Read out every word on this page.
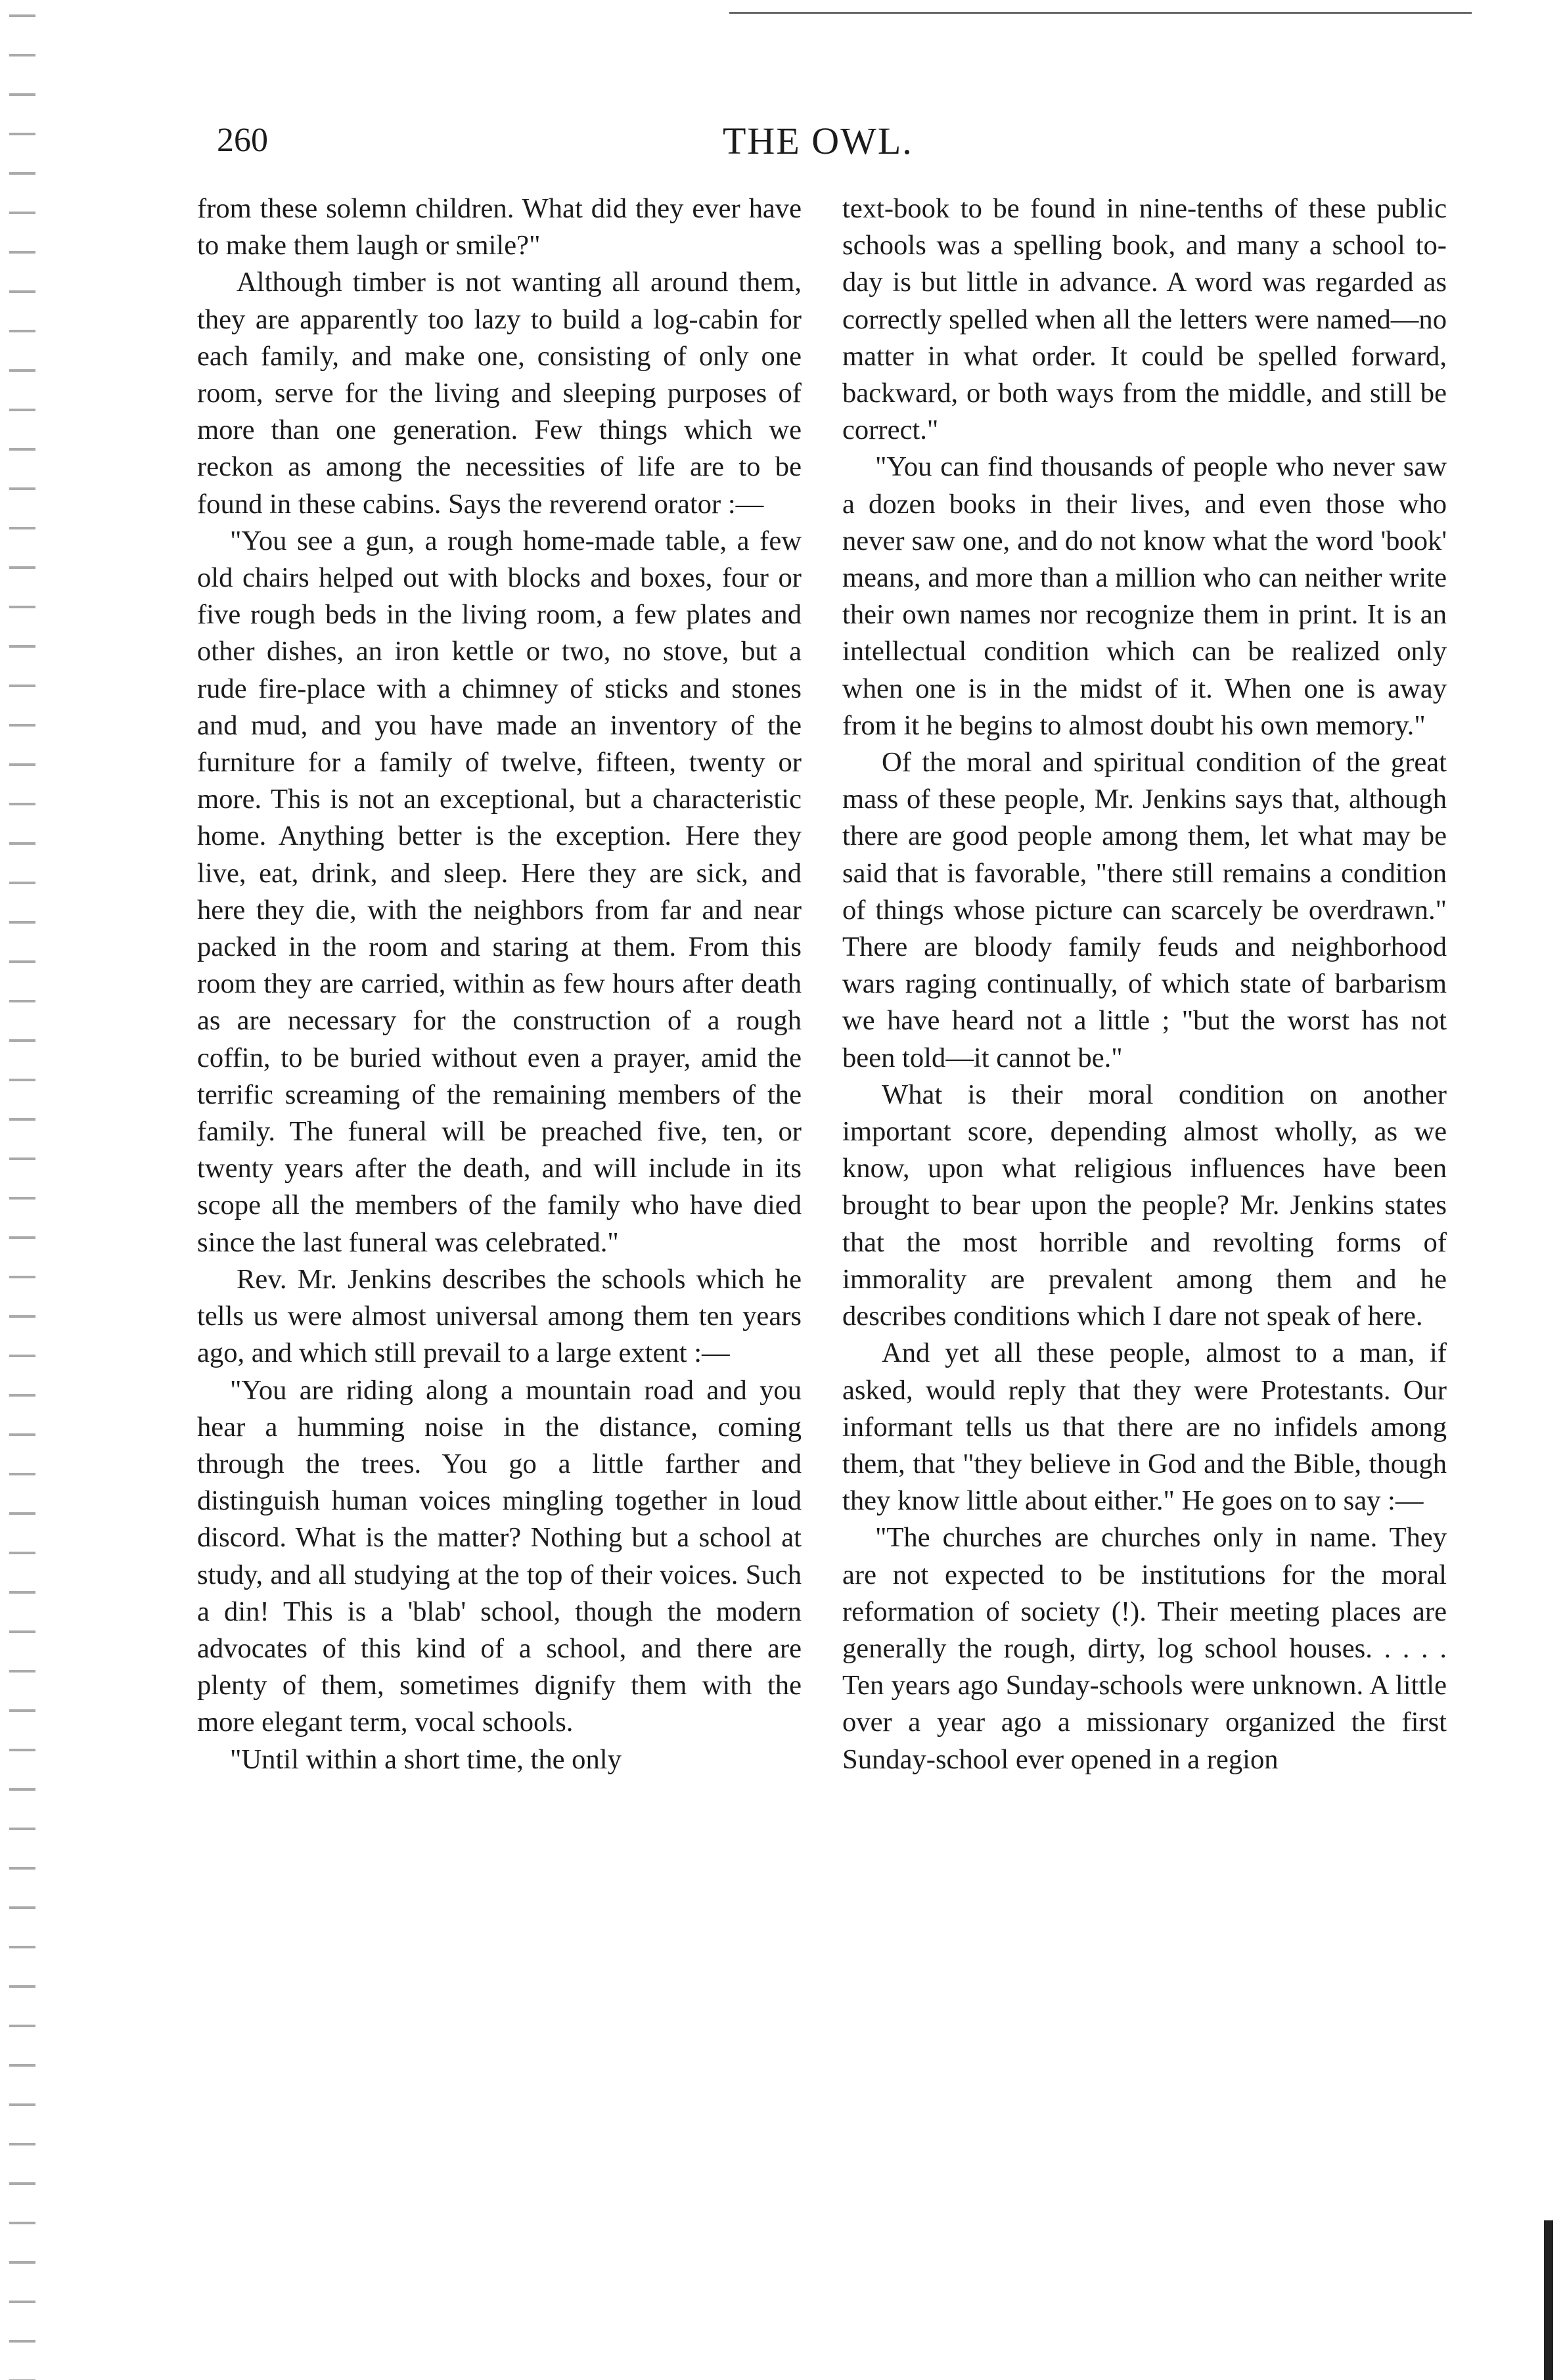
260	THE OWL.

from these solemn children. What did they ever have to make them laugh or smile?"

Although timber is not wanting all around them, they are apparently too lazy to build a log-cabin for each family, and make one, consisting of only one room, serve for the living and sleeping purposes of more than one generation. Few things which we reckon as among the necessities of life are to be found in these cabins. Says the reverend orator :—

"You see a gun, a rough home-made table, a few old chairs helped out with blocks and boxes, four or five rough beds in the living room, a few plates and other dishes, an iron kettle or two, no stove, but a rude fire-place with a chimney of sticks and stones and mud, and you have made an inventory of the furniture for a family of twelve, fifteen, twenty or more. This is not an exceptional, but a characteristic home. Anything better is the exception. Here they live, eat, drink, and sleep. Here they are sick, and here they die, with the neighbors from far and near packed in the room and staring at them. From this room they are carried, within as few hours after death as are necessary for the construction of a rough coffin, to be buried without even a prayer, amid the terrific screaming of the remaining members of the family. The funeral will be preached five, ten, or twenty years after the death, and will include in its scope all the members of the family who have died since the last funeral was celebrated."

Rev. Mr. Jenkins describes the schools which he tells us were almost universal among them ten years ago, and which still prevail to a large extent :—

"You are riding along a mountain road and you hear a humming noise in the distance, coming through the trees. You go a little farther and distinguish human voices mingling together in loud discord. What is the matter? Nothing but a school at study, and all studying at the top of their voices. Such a din! This is a 'blab' school, though the modern advocates of this kind of a school, and there are plenty of them, sometimes dignify them with the more elegant term, vocal schools.

"Until within a short time, the only

text-book to be found in nine-tenths of these public schools was a spelling book, and many a school to-day is but little in advance. A word was regarded as correctly spelled when all the letters were named—no matter in what order. It could be spelled forward, backward, or both ways from the middle, and still be correct."

"You can find thousands of people who never saw a dozen books in their lives, and even those who never saw one, and do not know what the word 'book' means, and more than a million who can neither write their own names nor recognize them in print. It is an intellectual condition which can be realized only when one is in the midst of it. When one is away from it he begins to almost doubt his own memory."

Of the moral and spiritual condition of the great mass of these people, Mr. Jenkins says that, although there are good people among them, let what may be said that is favorable, "there still remains a condition of things whose picture can scarcely be overdrawn." There are bloody family feuds and neighborhood wars raging continually, of which state of barbarism we have heard not a little ; "but the worst has not been told—it cannot be."

What is their moral condition on another important score, depending almost wholly, as we know, upon what religious influences have been brought to bear upon the people? Mr. Jenkins states that the most horrible and revolting forms of immorality are prevalent among them and he describes conditions which I dare not speak of here.

And yet all these people, almost to a man, if asked, would reply that they were Protestants. Our informant tells us that there are no infidels among them, that "they believe in God and the Bible, though they know little about either." He goes on to say :—

"The churches are churches only in name. They are not expected to be institutions for the moral reformation of society (!). Their meeting places are generally the rough, dirty, log school houses. . . . . Ten years ago Sunday-schools were unknown. A little over a year ago a missionary organized the first Sunday-school ever opened in a region
